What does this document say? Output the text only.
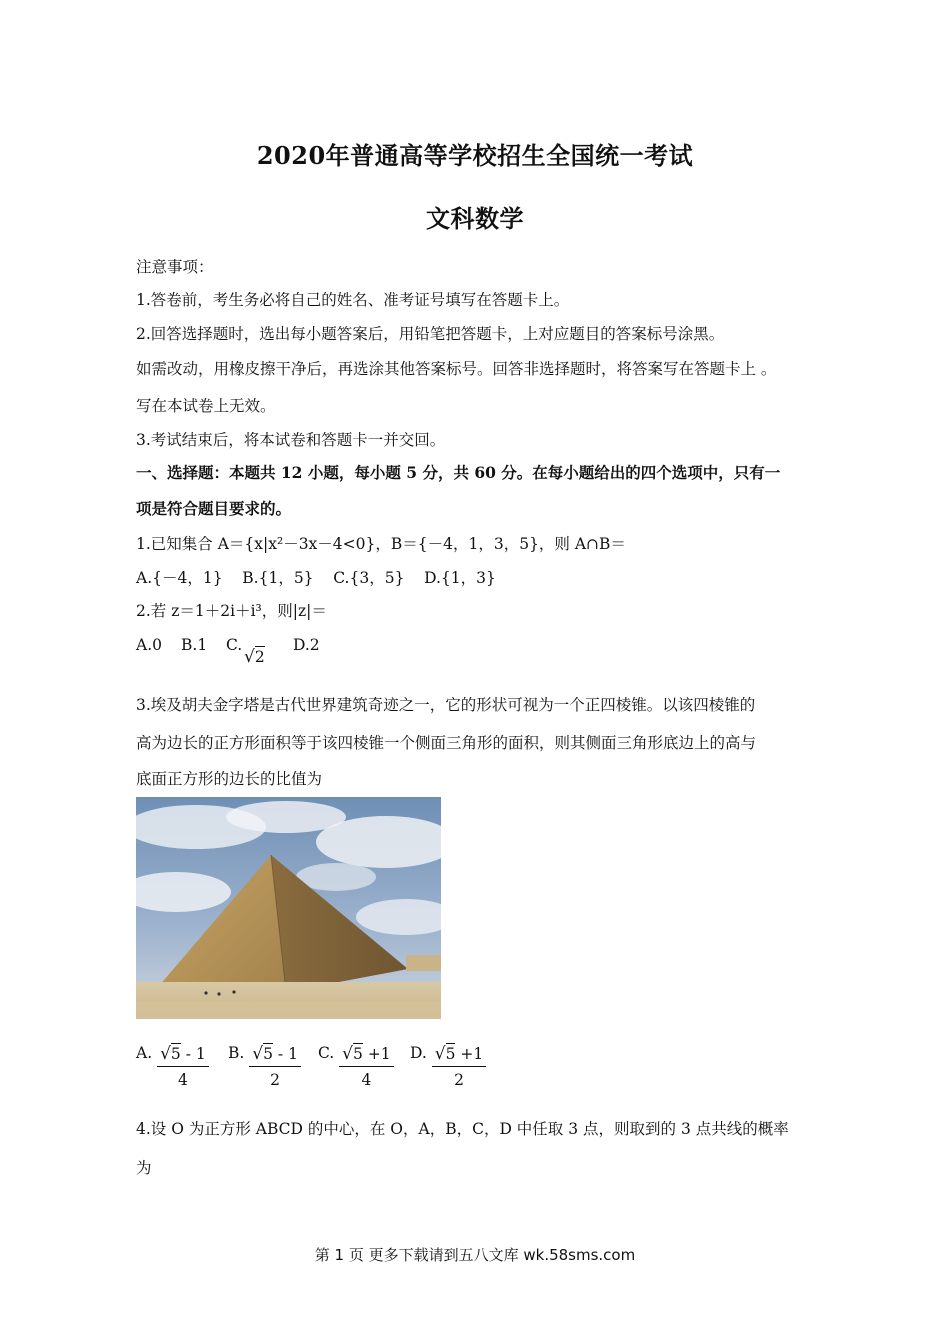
2020年普通高等学校招生全国统一考试
文科数学
注意事项：
1.答卷前，考生务必将自己的姓名、准考证号填写在答题卡上。
2.回答选择题时，选出每小题答案后，用铅笔把答题卡，上对应题目的答案标号涂黑。
如需改动，用橡皮擦干净后，再选涂其他答案标号。回答非选择题时，将答案写在答题卡上 。
写在本试卷上无效。
3.考试结束后，将本试卷和答题卡一并交回。
一、选择题：本题共 12 小题，每小题 5 分，共 60 分。在每小题给出的四个选项中，只有一
项是符合题目要求的。
1.已知集合 A＝{x|x²－3x－4<0}，B＝{－4，1，3，5}，则 A∩B＝
A.{－4，1}    B.{1，5}    C.{3，5}    D.{1，3}
2.若 z＝1＋2i＋i³，则|z|＝
A.0 B.1 C.
√2
D.2
3.埃及胡夫金字塔是古代世界建筑奇迹之一，它的形状可视为一个正四棱锥。以该四棱锥的
高为边长的正方形面积等于该四棱锥一个侧面三角形的面积，则其侧面三角形底边上的高与
底面正方形的边长的比值为
A. $\frac{√5 - 1}{4} B$. $\frac{√5 - 1}{2} C$. $\frac{√5 +1}{4} D$. $\frac{√5 +1}{2}$
4.设 O 为正方形 ABCD 的中心，在 O，A，B，C，D 中任取 3 点，则取到的 3 点共线的概率
为
第 1 页 更多下载请到五八文库 wk.58sms.com
